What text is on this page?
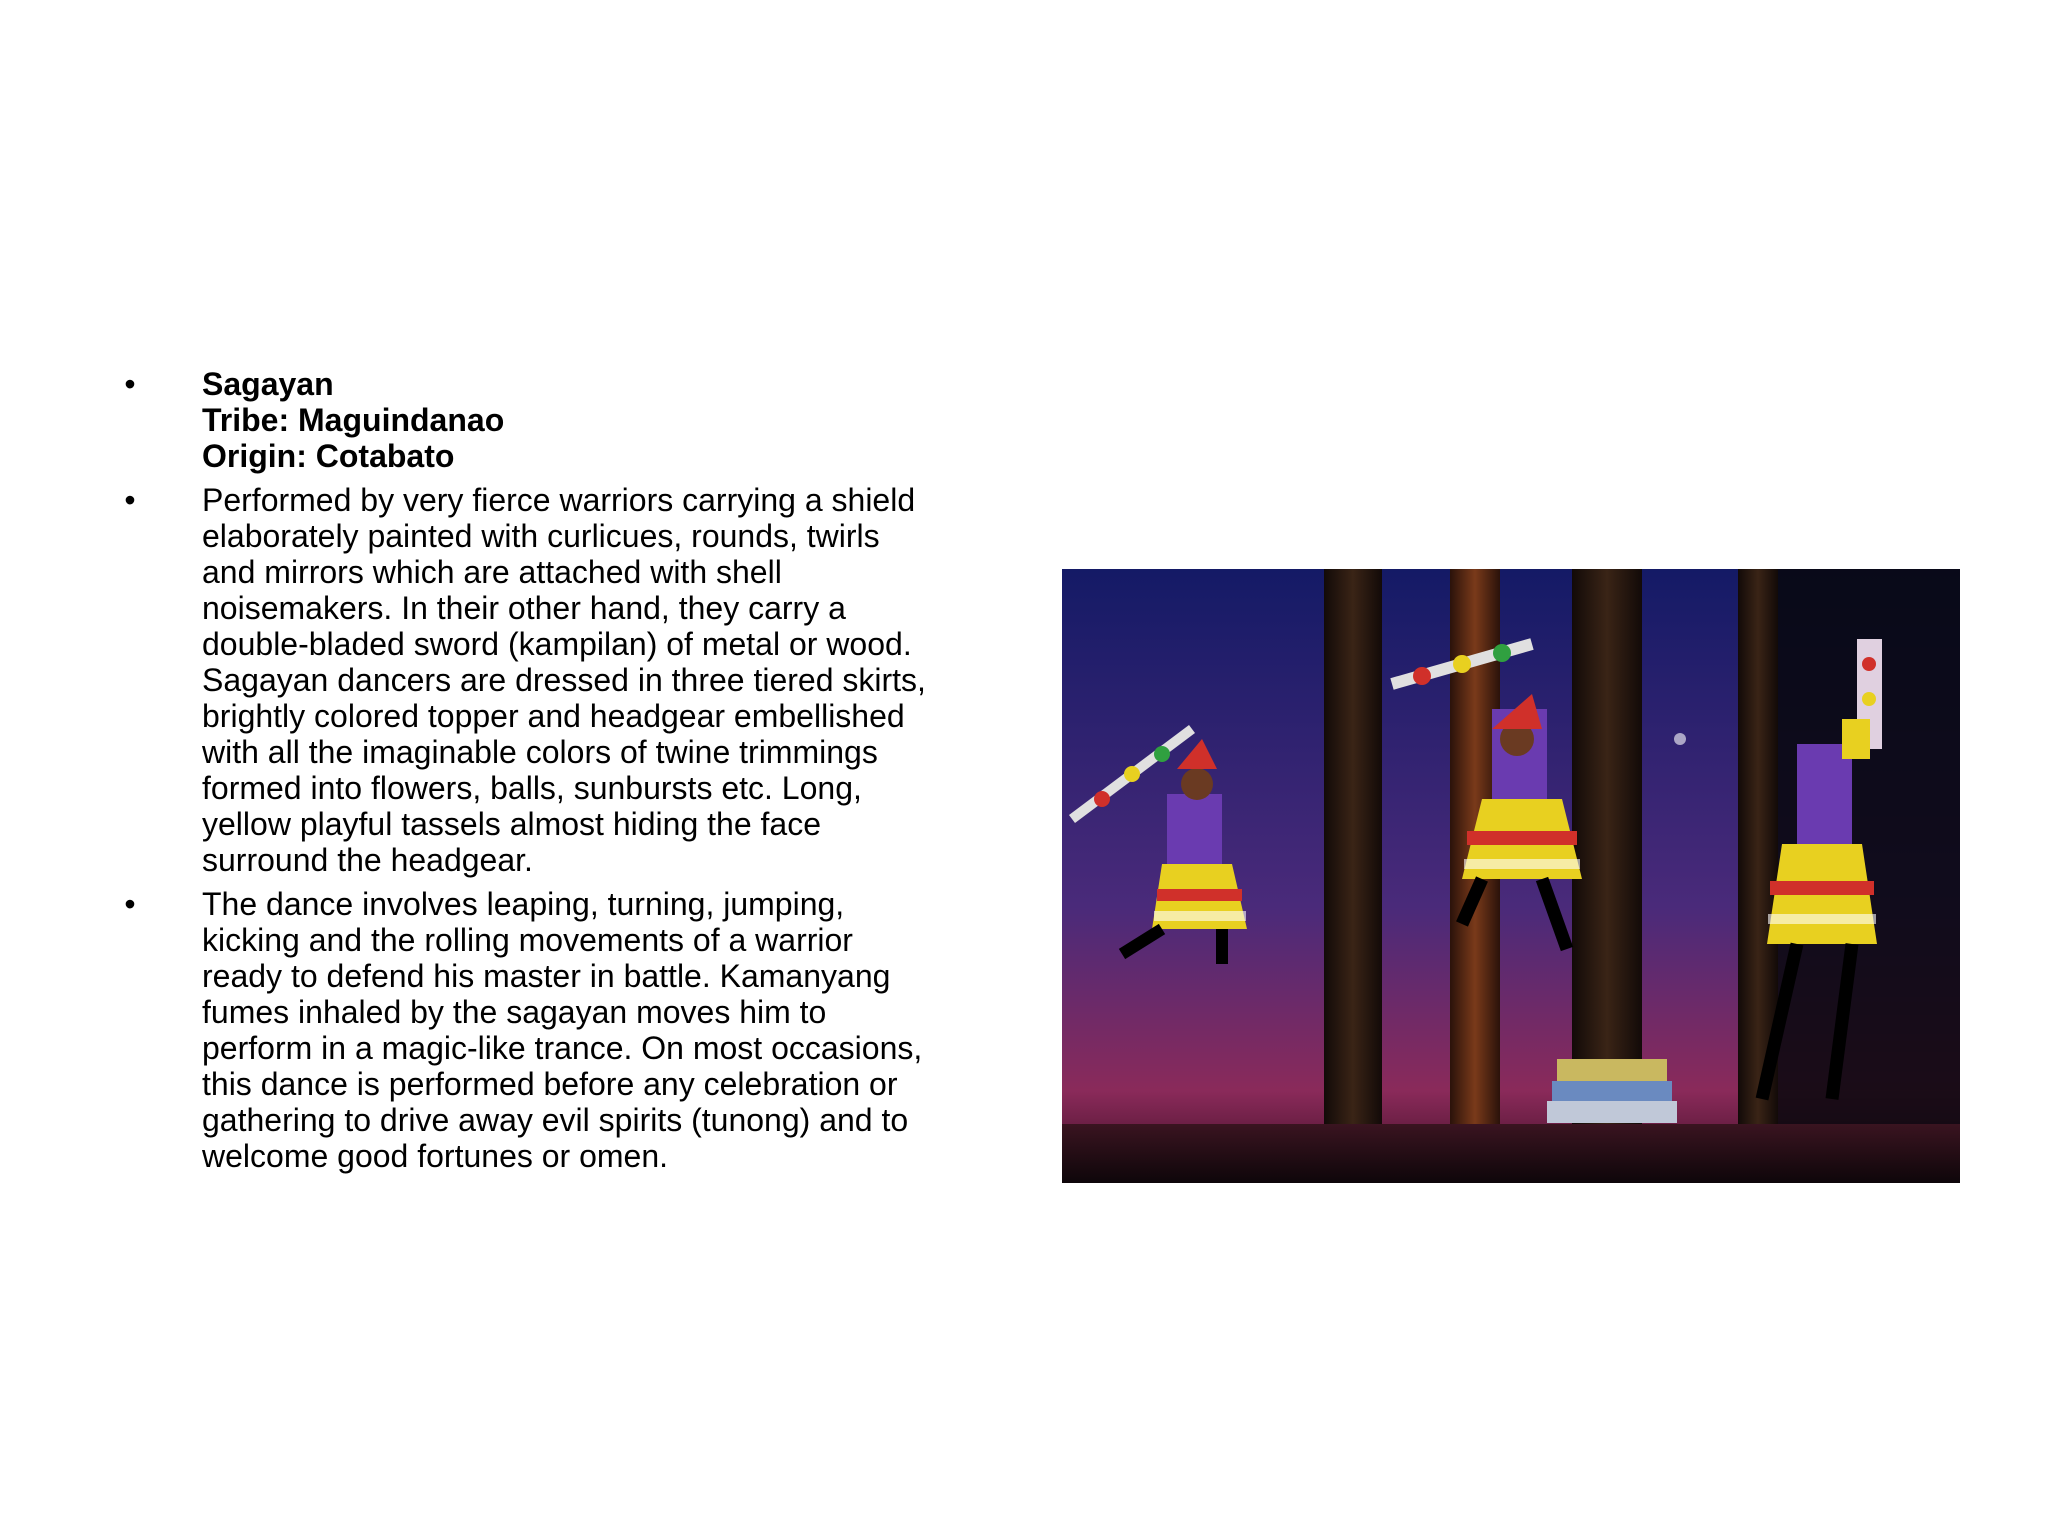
• Sagayan
Tribe: Maguindanao
Origin: Cotabato
• Performed by very fierce warriors carrying a shield
elaborately painted with curlicues, rounds, twirls
and mirrors which are attached with shell
noisemakers. In their other hand, they carry a
double-bladed sword (kampilan) of metal or wood.
Sagayan dancers are dressed in three tiered skirts,
brightly colored topper and headgear embellished
with all the imaginable colors of twine trimmings
formed into flowers, balls, sunbursts etc. Long,
yellow playful tassels almost hiding the face
surround the headgear.
• The dance involves leaping, turning, jumping,
kicking and the rolling movements of a warrior
ready to defend his master in battle. Kamanyang
fumes inhaled by the sagayan moves him to
perform in a magic-like trance. On most occasions,
this dance is performed before any celebration or
gathering to drive away evil spirits (tunong) and to
welcome good fortunes or omen.
